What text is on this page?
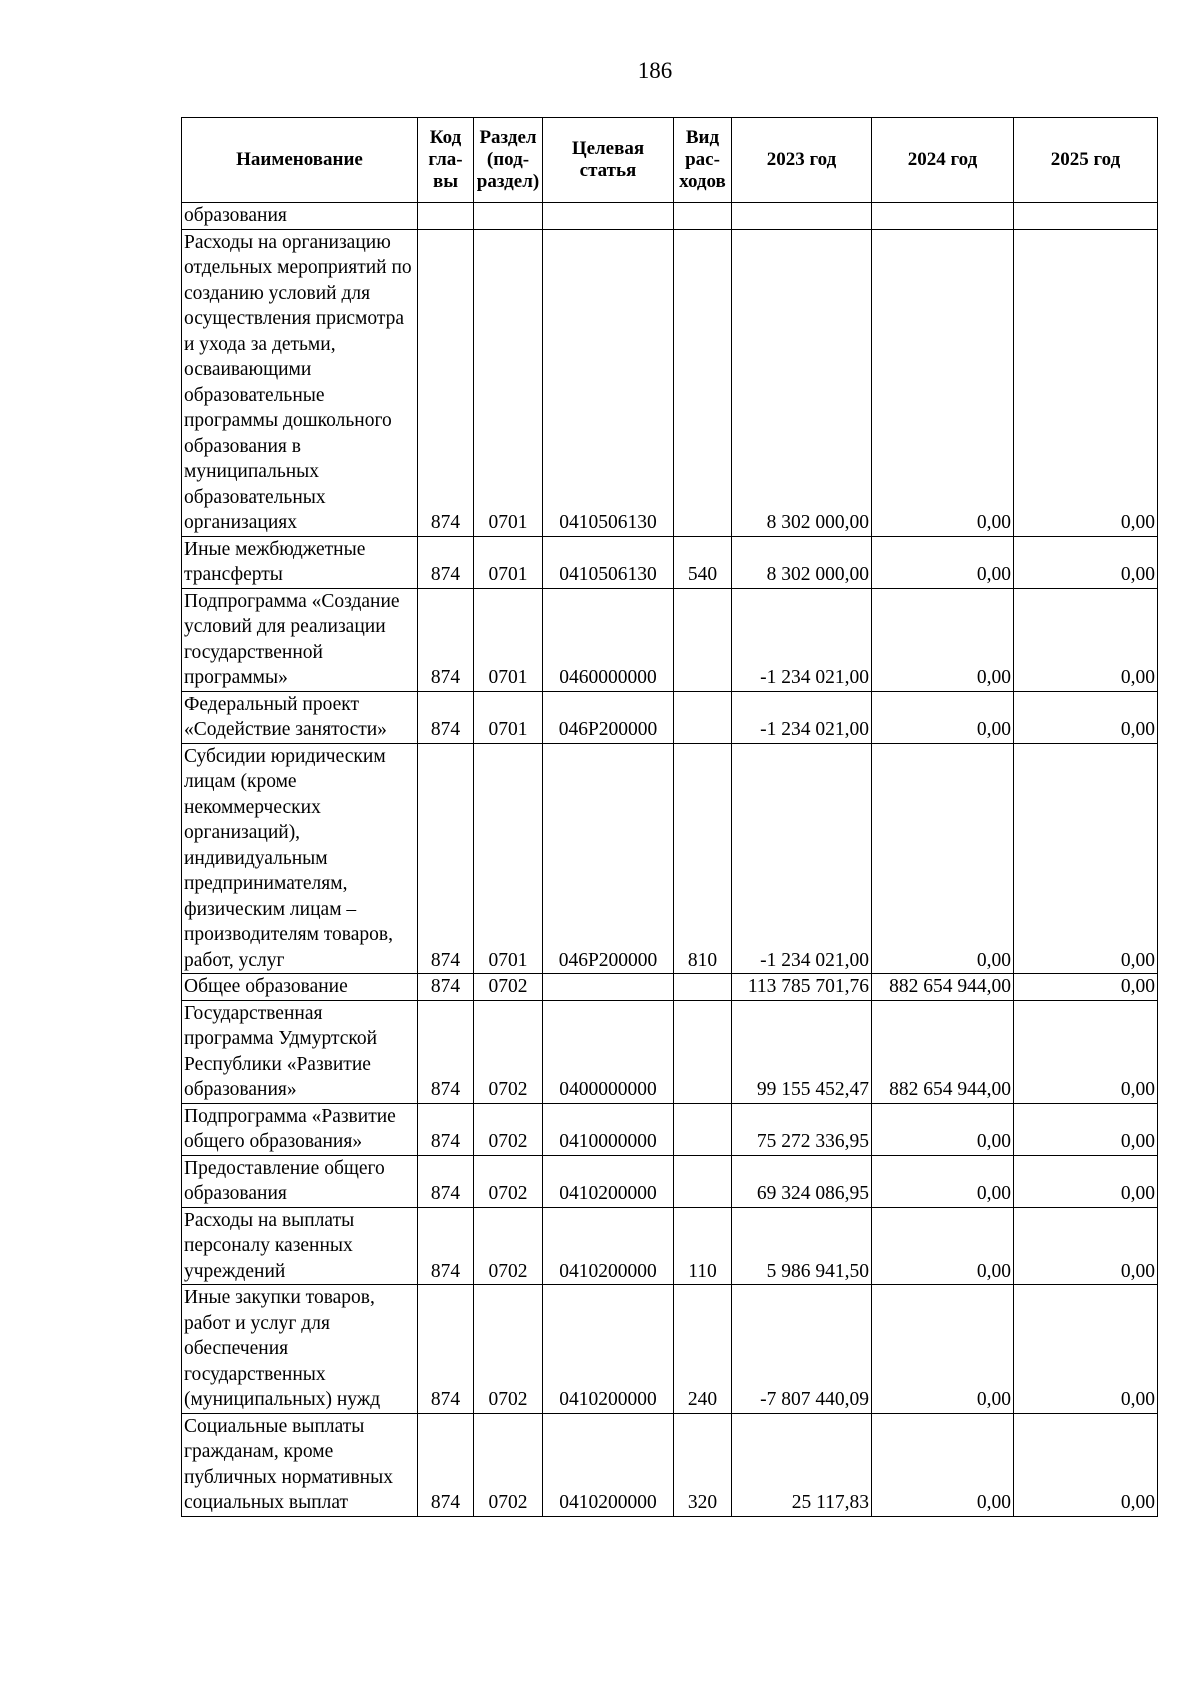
186
Наименование	Код гла-вы	Раздел (под-раздел)	Целевая статья	Вид рас-ходов	2023 год	2024 год	2025 год
образования							
Расходы на организацию отдельных мероприятий по созданию условий для осуществления присмотра и ухода за детьми, осваивающими образовательные программы дошкольного образования в муниципальных образовательных организациях	874	0701	0410506130		8 302 000,00	0,00	0,00
Иные межбюджетные трансферты	874	0701	0410506130	540	8 302 000,00	0,00	0,00
Подпрограмма «Создание условий для реализации государственной программы»	874	0701	0460000000		-1 234 021,00	0,00	0,00
Федеральный проект «Содействие занятости»	874	0701	046P200000		-1 234 021,00	0,00	0,00
Субсидии юридическим лицам (кроме некоммерческих организаций), индивидуальным предпринимателям, физическим лицам – производителям товаров, работ, услуг	874	0701	046P200000	810	-1 234 021,00	0,00	0,00
Общее образование	874	0702			113 785 701,76	882 654 944,00	0,00
Государственная программа Удмуртской Республики «Развитие образования»	874	0702	0400000000		99 155 452,47	882 654 944,00	0,00
Подпрограмма «Развитие общего образования»	874	0702	0410000000		75 272 336,95	0,00	0,00
Предоставление общего образования	874	0702	0410200000		69 324 086,95	0,00	0,00
Расходы на выплаты персоналу казенных учреждений	874	0702	0410200000	110	5 986 941,50	0,00	0,00
Иные закупки товаров, работ и услуг для обеспечения государственных (муниципальных) нужд	874	0702	0410200000	240	-7 807 440,09	0,00	0,00
Социальные выплаты гражданам, кроме публичных нормативных социальных выплат	874	0702	0410200000	320	25 117,83	0,00	0,00
